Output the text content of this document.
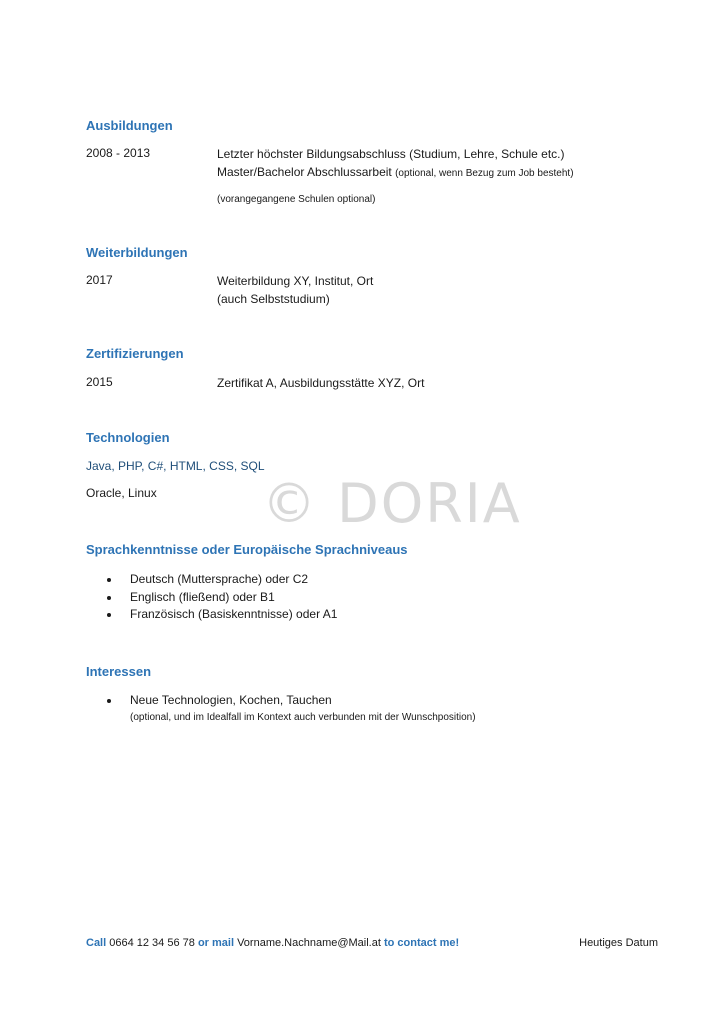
© DORIA
Ausbildungen
2008 - 2013	Letzter höchster Bildungsabschluss (Studium, Lehre, Schule etc.)
Master/Bachelor Abschlussarbeit (optional, wenn Bezug zum Job besteht)
(vorangegangene Schulen optional)
Weiterbildungen
2017	Weiterbildung XY, Institut, Ort
(auch Selbststudium)
Zertifizierungen
2015	Zertifikat A, Ausbildungsstätte XYZ, Ort
Technologien
Java, PHP, C#, HTML, CSS, SQL
Oracle, Linux
Sprachkenntnisse oder Europäische Sprachniveaus
Deutsch (Muttersprache) oder C2
Englisch (fließend) oder B1
Französisch (Basiskenntnisse) oder A1
Interessen
Neue Technologien, Kochen, Tauchen
(optional, und im Idealfall im Kontext auch verbunden mit der Wunschposition)
Call 0664 12 34 56 78 or mail Vorname.Nachname@Mail.at to contact me!	Heutiges Datum
